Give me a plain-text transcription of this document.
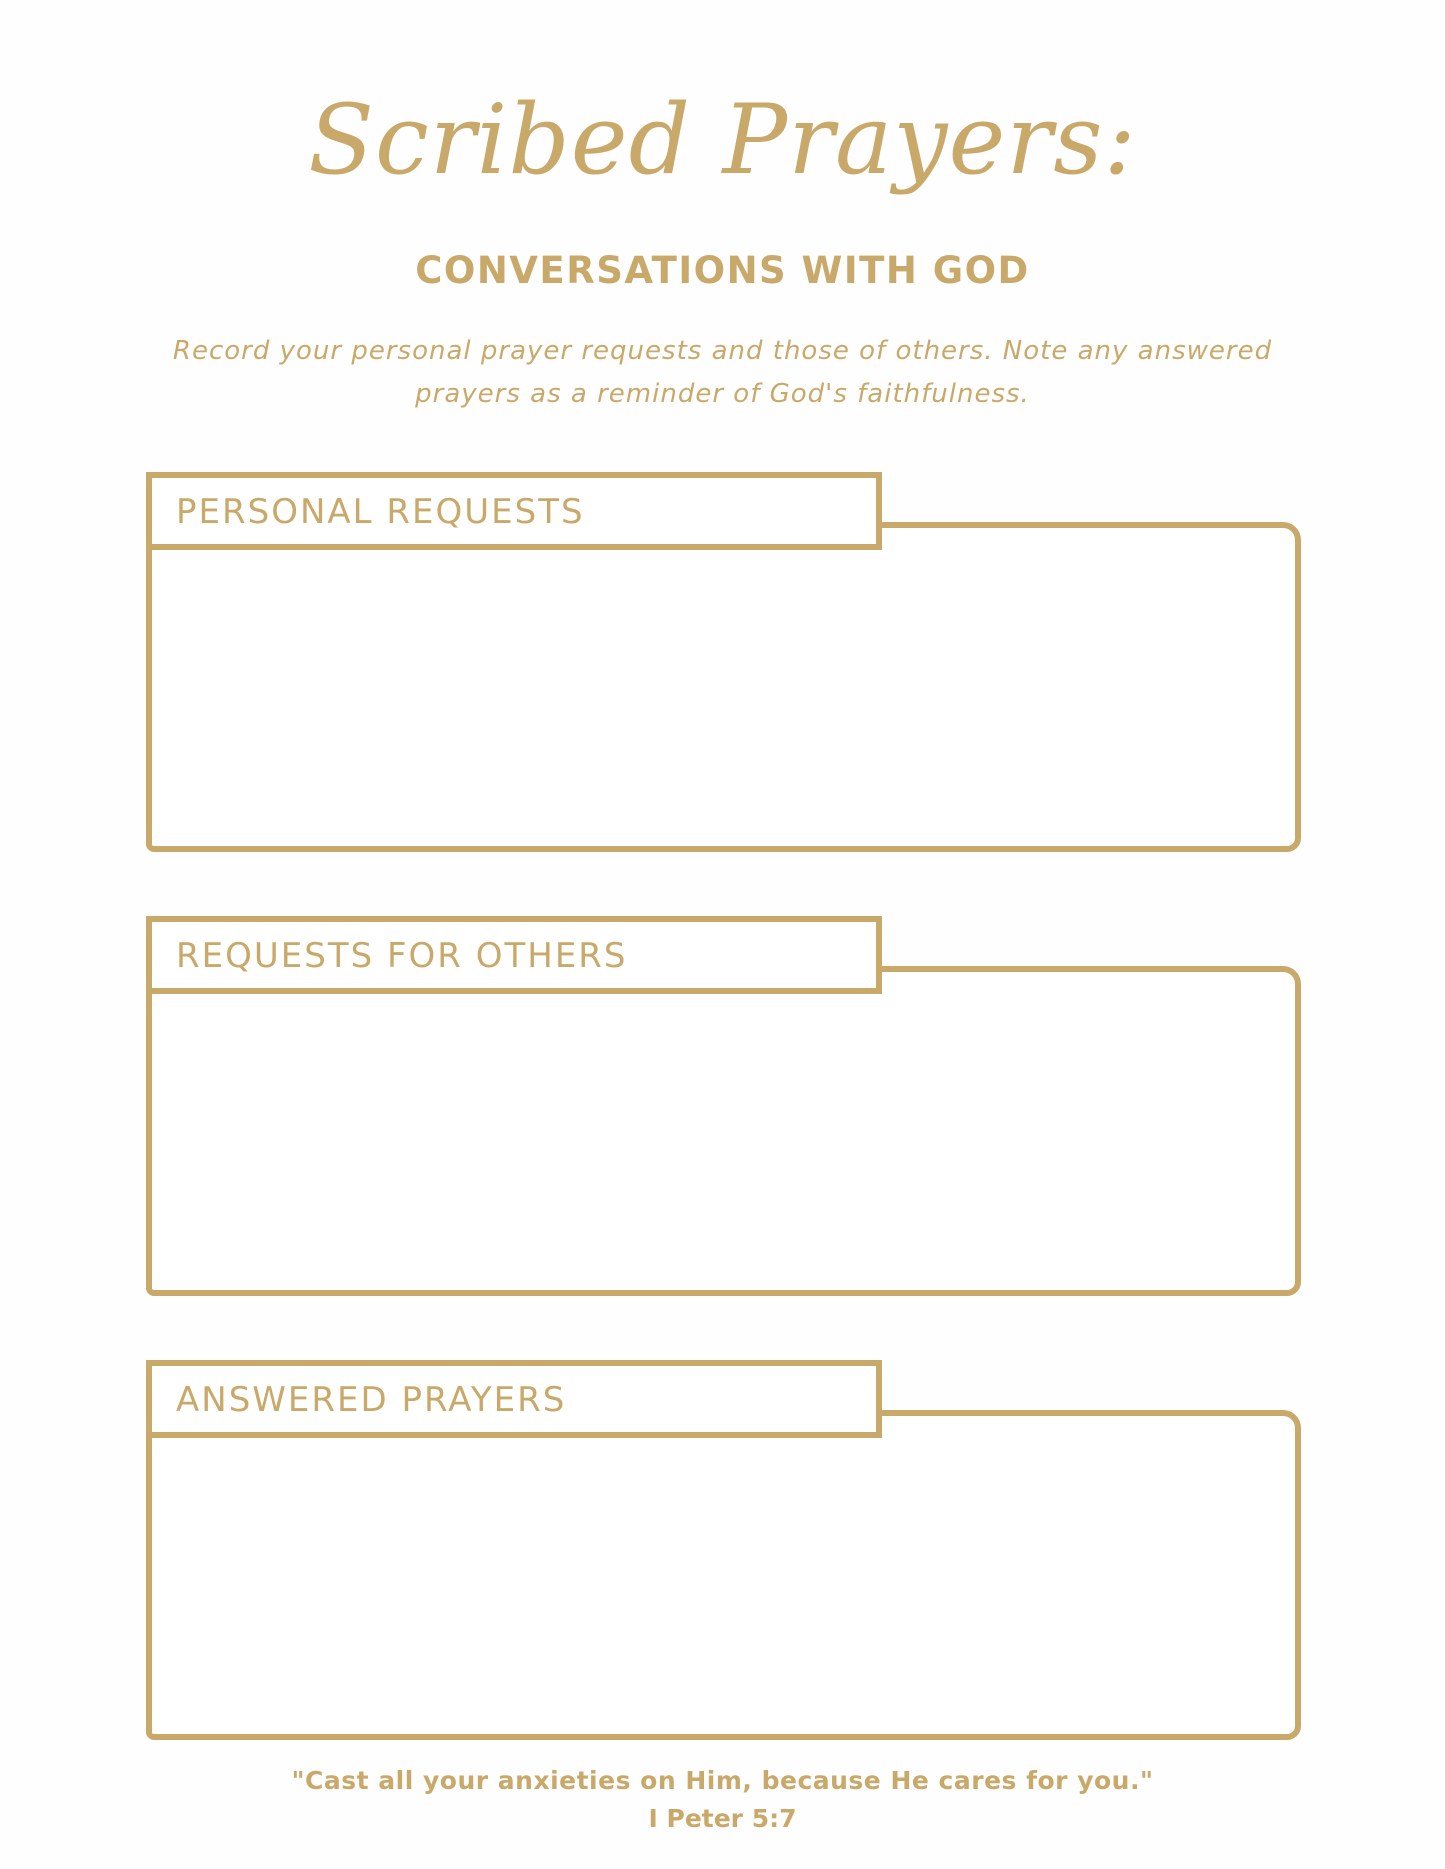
Scribed Prayers:
CONVERSATIONS WITH GOD
Record your personal prayer requests and those of others. Note any answered prayers as a reminder of God's faithfulness.
PERSONAL REQUESTS
REQUESTS FOR OTHERS
ANSWERED PRAYERS
"Cast all your anxieties on Him, because He cares for you."
I Peter 5:7
